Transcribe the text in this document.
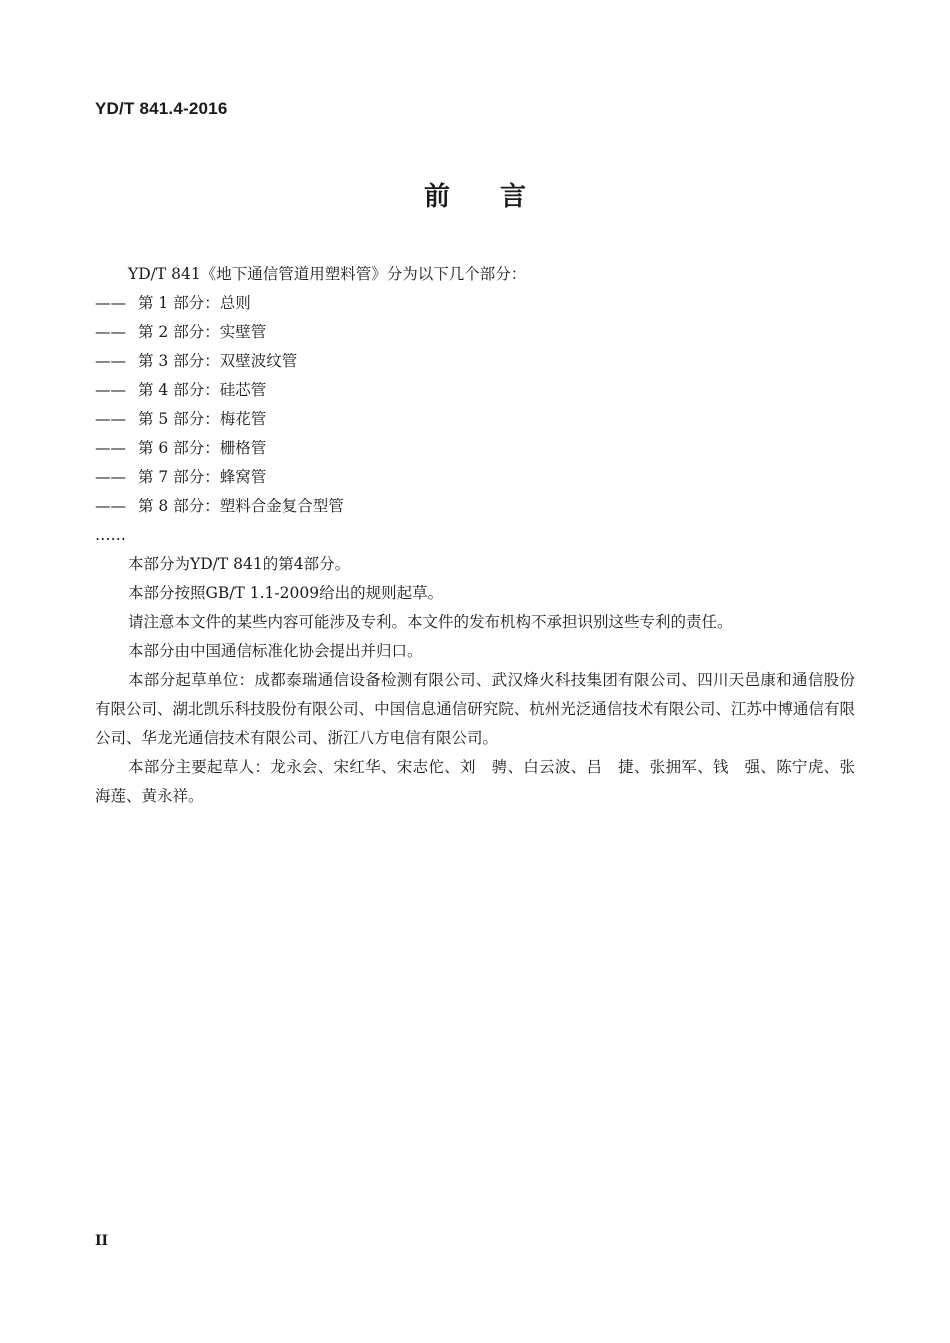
YD/T 841.4-2016
前 言
YD/T 841《地下通信管道用塑料管》分为以下几个部分：
—— 第 1 部分：总则
—— 第 2 部分：实壁管
—— 第 3 部分：双壁波纹管
—— 第 4 部分：硅芯管
—— 第 5 部分：梅花管
—— 第 6 部分：栅格管
—— 第 7 部分：蜂窝管
—— 第 8 部分：塑料合金复合型管
……
本部分为YD/T 841的第4部分。
本部分按照GB/T 1.1-2009给出的规则起草。
请注意本文件的某些内容可能涉及专利。本文件的发布机构不承担识别这些专利的责任。
本部分由中国通信标准化协会提出并归口。
本部分起草单位：成都泰瑞通信设备检测有限公司、武汉烽火科技集团有限公司、四川天邑康和通信股份有限公司、湖北凯乐科技股份有限公司、中国信息通信研究院、杭州光泛通信技术有限公司、江苏中博通信有限公司、华龙光通信技术有限公司、浙江八方电信有限公司。
本部分主要起草人：龙永会、宋红华、宋志佗、刘　骋、白云波、吕　捷、张拥军、钱　强、陈宁虎、张海莲、黄永祥。
II
